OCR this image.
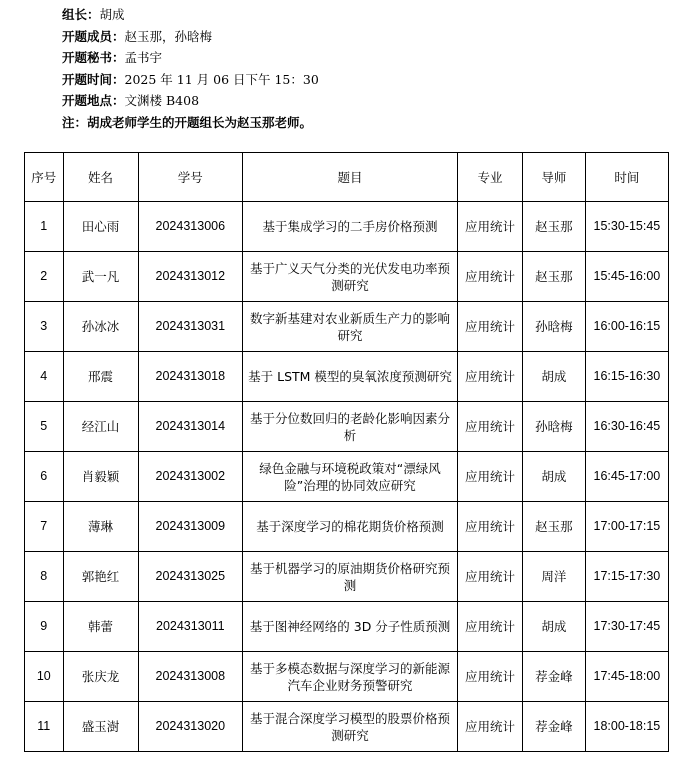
组长：胡成
开题成员：赵玉那，孙晗梅
开题秘书：孟书宇
开题时间：2025 年 11 月 06 日下午 15：30
开题地点：文渊楼 B408
注：胡成老师学生的开题组长为赵玉那老师。
序号	姓名	学号	题目	专业	导师	时间
1	田心雨	2024313006	基于集成学习的二手房价格预测	应用统计	赵玉那	15:30-15:45
2	武一凡	2024313012	基于广义天气分类的光伏发电功率预测研究	应用统计	赵玉那	15:45-16:00
3	孙冰冰	2024313031	数字新基建对农业新质生产力的影响研究	应用统计	孙晗梅	16:00-16:15
4	邢震	2024313018	基于 LSTM 模型的臭氧浓度预测研究	应用统计	胡成	16:15-16:30
5	经江山	2024313014	基于分位数回归的老龄化影响因素分析	应用统计	孙晗梅	16:30-16:45
6	肖毅颖	2024313002	绿色金融与环境税政策对“漂绿风险”治理的协同效应研究	应用统计	胡成	16:45-17:00
7	薄琳	2024313009	基于深度学习的棉花期货价格预测	应用统计	赵玉那	17:00-17:15
8	郭艳红	2024313025	基于机器学习的原油期货价格研究预测	应用统计	周洋	17:15-17:30
9	韩蕾	2024313011	基于图神经网络的 3D 分子性质预测	应用统计	胡成	17:30-17:45
10	张庆龙	2024313008	基于多模态数据与深度学习的新能源汽车企业财务预警研究	应用统计	荐金峰	17:45-18:00
11	盛玉澍	2024313020	基于混合深度学习模型的股票价格预测研究	应用统计	荐金峰	18:00-18:15
